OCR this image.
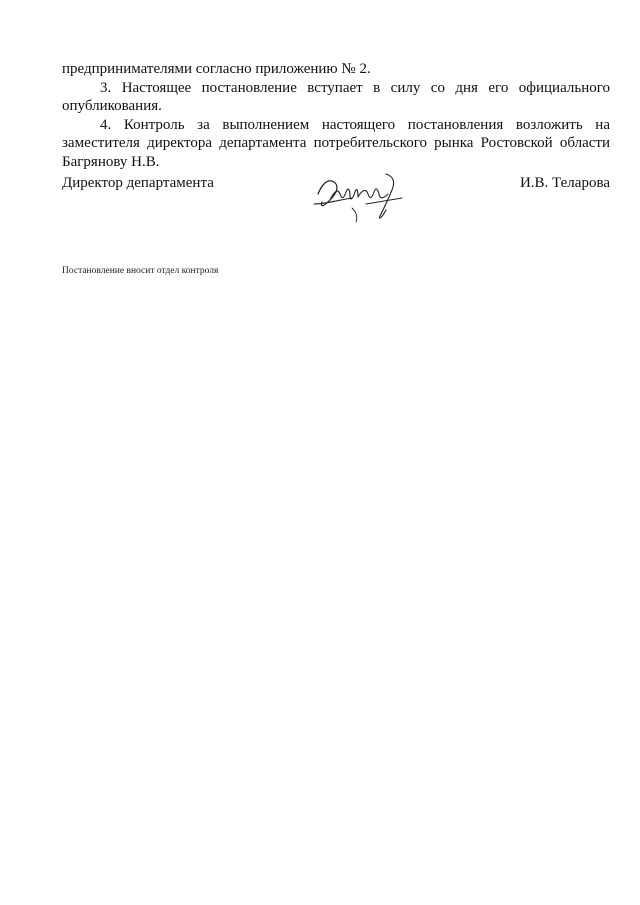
предпринимателями согласно приложению № 2.

3. Настоящее постановление вступает в силу со дня его официального опубликования.

4. Контроль за выполнением настоящего постановления возложить на заместителя директора департамента потребительского рынка Ростовской области Багрянову Н.В.

Директор департамента	И.В. Теларова
Постановление вносит отдел контроля
